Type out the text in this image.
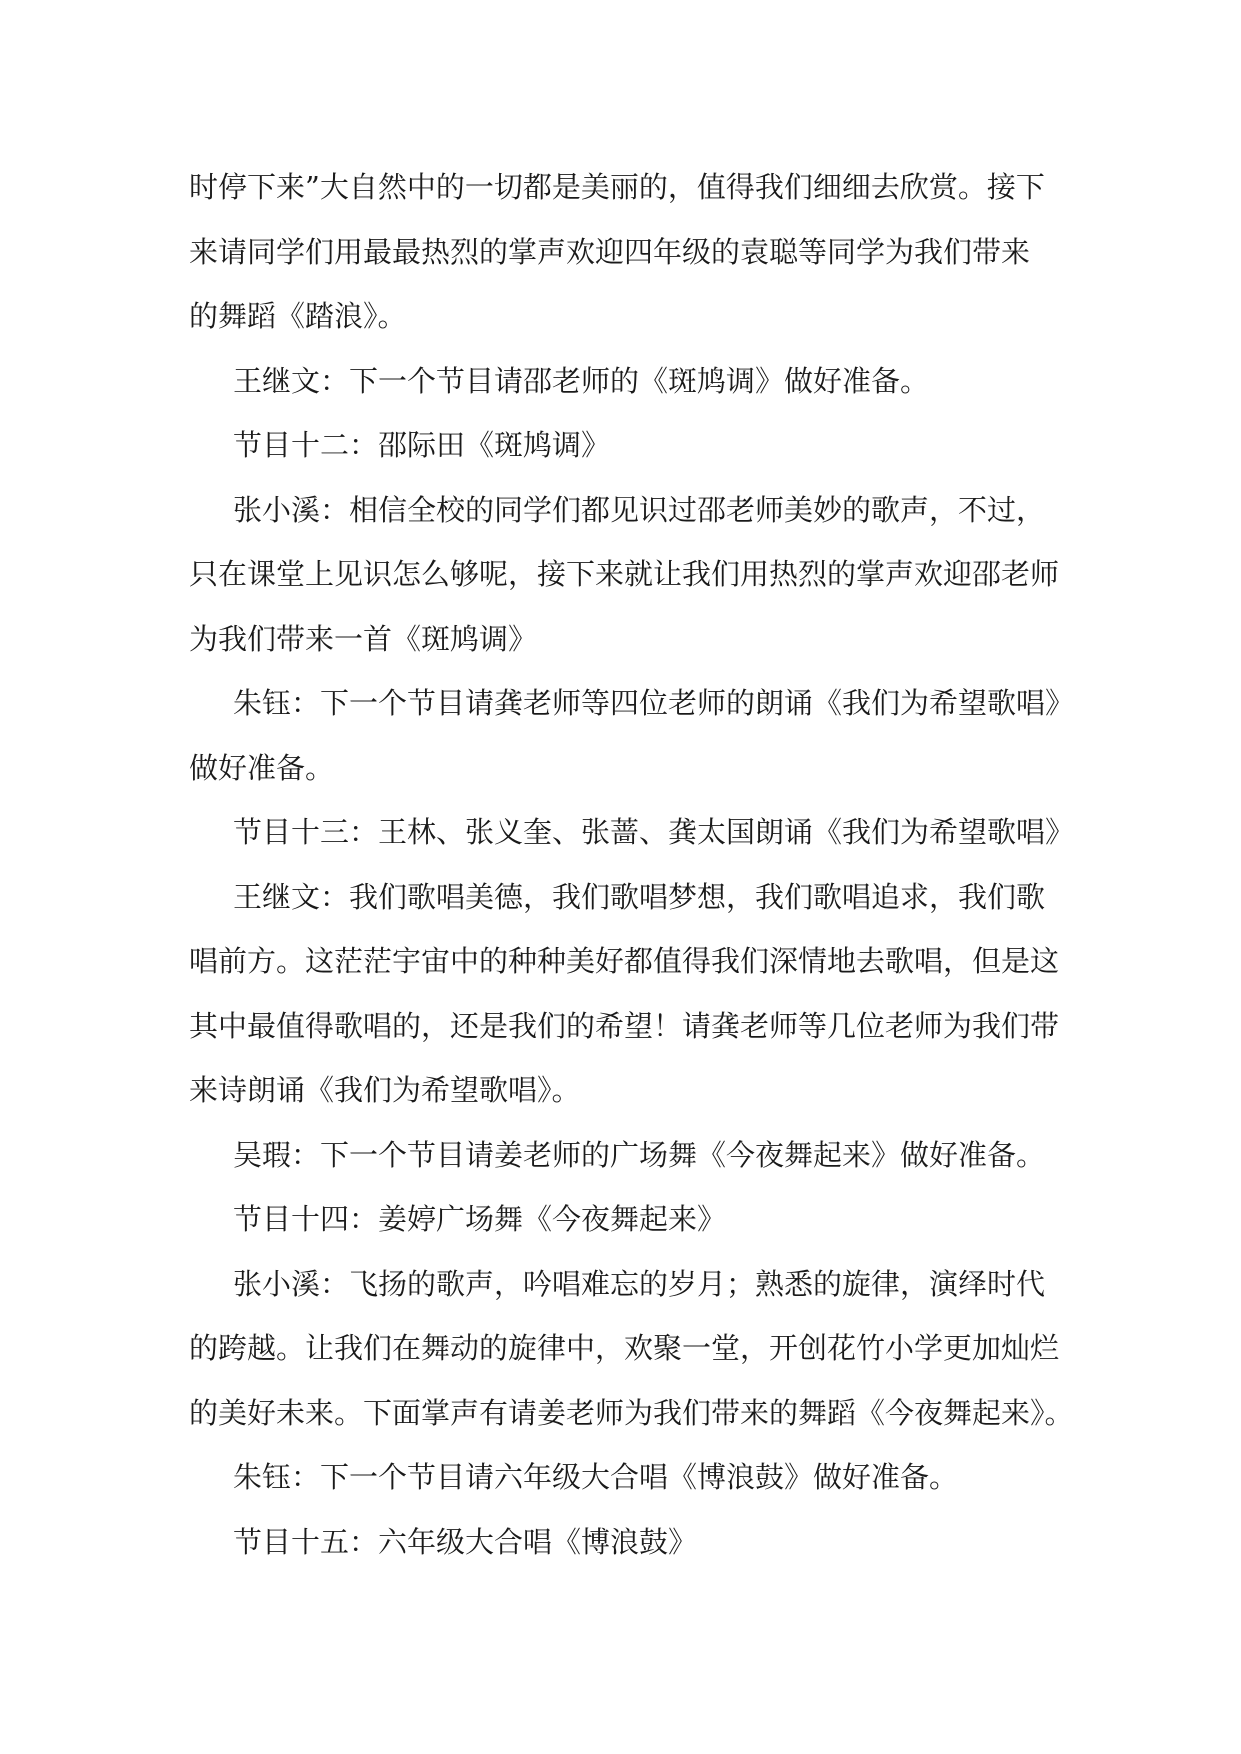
时停下来”大自然中的一切都是美丽的，值得我们细细去欣赏。接下
来请同学们用最最热烈的掌声欢迎四年级的袁聪等同学为我们带来
的舞蹈《踏浪》。
王继文：下一个节目请邵老师的《斑鸠调》做好准备。
节目十二：邵际田《斑鸠调》
张小溪：相信全校的同学们都见识过邵老师美妙的歌声，不过，
只在课堂上见识怎么够呢，接下来就让我们用热烈的掌声欢迎邵老师
为我们带来一首《斑鸠调》
朱钰：下一个节目请龚老师等四位老师的朗诵《我们为希望歌唱》
做好准备。
节目十三：王林、张义奎、张蔷、龚太国朗诵《我们为希望歌唱》
王继文：我们歌唱美德，我们歌唱梦想，我们歌唱追求，我们歌
唱前方。这茫茫宇宙中的种种美好都值得我们深情地去歌唱，但是这
其中最值得歌唱的，还是我们的希望！请龚老师等几位老师为我们带
来诗朗诵《我们为希望歌唱》。
吴瑕：下一个节目请姜老师的广场舞《今夜舞起来》做好准备。
节目十四：姜婷广场舞《今夜舞起来》
张小溪：飞扬的歌声，吟唱难忘的岁月；熟悉的旋律，演绎时代
的跨越。让我们在舞动的旋律中，欢聚一堂，开创花竹小学更加灿烂
的美好未来。下面掌声有请姜老师为我们带来的舞蹈《今夜舞起来》。
朱钰：下一个节目请六年级大合唱《博浪鼓》做好准备。
节目十五：六年级大合唱《博浪鼓》
